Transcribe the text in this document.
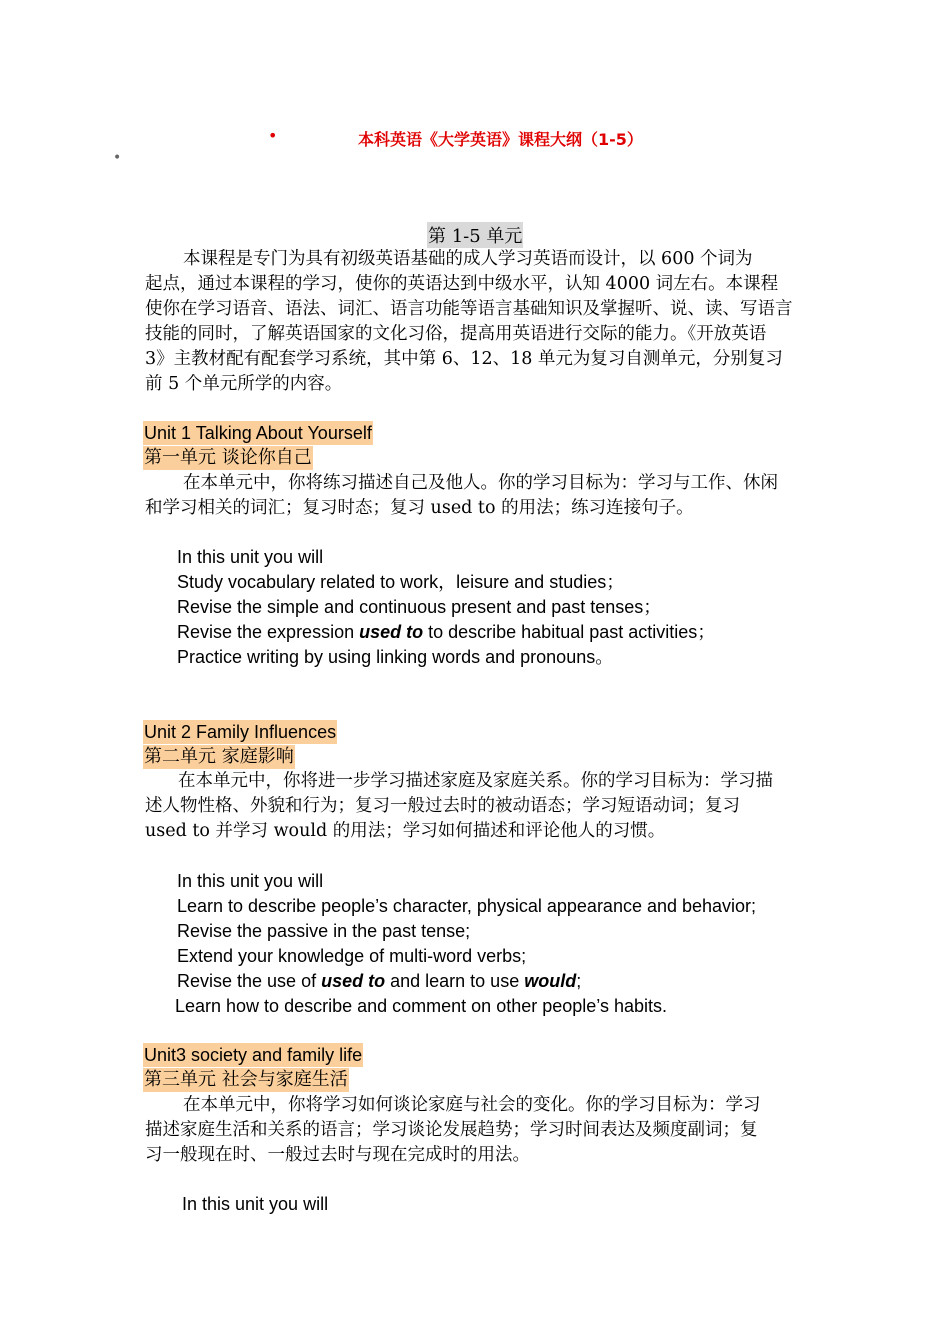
•	本科英语《大学英语》课程大纲（1-5）
•
第 1-5 单元
本课程是专门为具有初级英语基础的成人学习英语而设计，以 600 个词为
起点，通过本课程的学习，使你的英语达到中级水平，认知 4000 词左右。本课程
使你在学习语音、语法、词汇、语言功能等语言基础知识及掌握听、说、读、写语言
技能的同时，了解英语国家的文化习俗，提高用英语进行交际的能力。《开放英语
3》主教材配有配套学习系统，其中第 6、12、18 单元为复习自测单元，分别复习
前 5 个单元所学的内容。
Unit 1 Talking About Yourself
第一单元 谈论你自己
在本单元中，你将练习描述自己及他人。你的学习目标为：学习与工作、休闲
和学习相关的词汇；复习时态；复习 used to 的用法；练习连接句子。
In this unit you will
Study vocabulary related to work，leisure and studies；
Revise the simple and continuous present and past tenses；
Revise the expression used to to describe habitual past activities；
Practice writing by using linking words and pronouns。
Unit 2 Family Influences
第二单元 家庭影响
在本单元中，你将进一步学习描述家庭及家庭关系。你的学习目标为：学习描
述人物性格、外貌和行为；复习一般过去时的被动语态；学习短语动词；复习
used to 并学习 would 的用法；学习如何描述和评论他人的习惯。
In this unit you will
Learn to describe people’s character, physical appearance and behavior;
Revise the passive in the past tense;
Extend your knowledge of multi-word verbs;
Revise the use of used to and learn to use would;
Learn how to describe and comment on other people’s habits.
Unit3 society and family life
第三单元 社会与家庭生活
在本单元中，你将学习如何谈论家庭与社会的变化。你的学习目标为：学习
描述家庭生活和关系的语言；学习谈论发展趋势；学习时间表达及频度副词；复
习一般现在时、一般过去时与现在完成时的用法。
In this unit you will
